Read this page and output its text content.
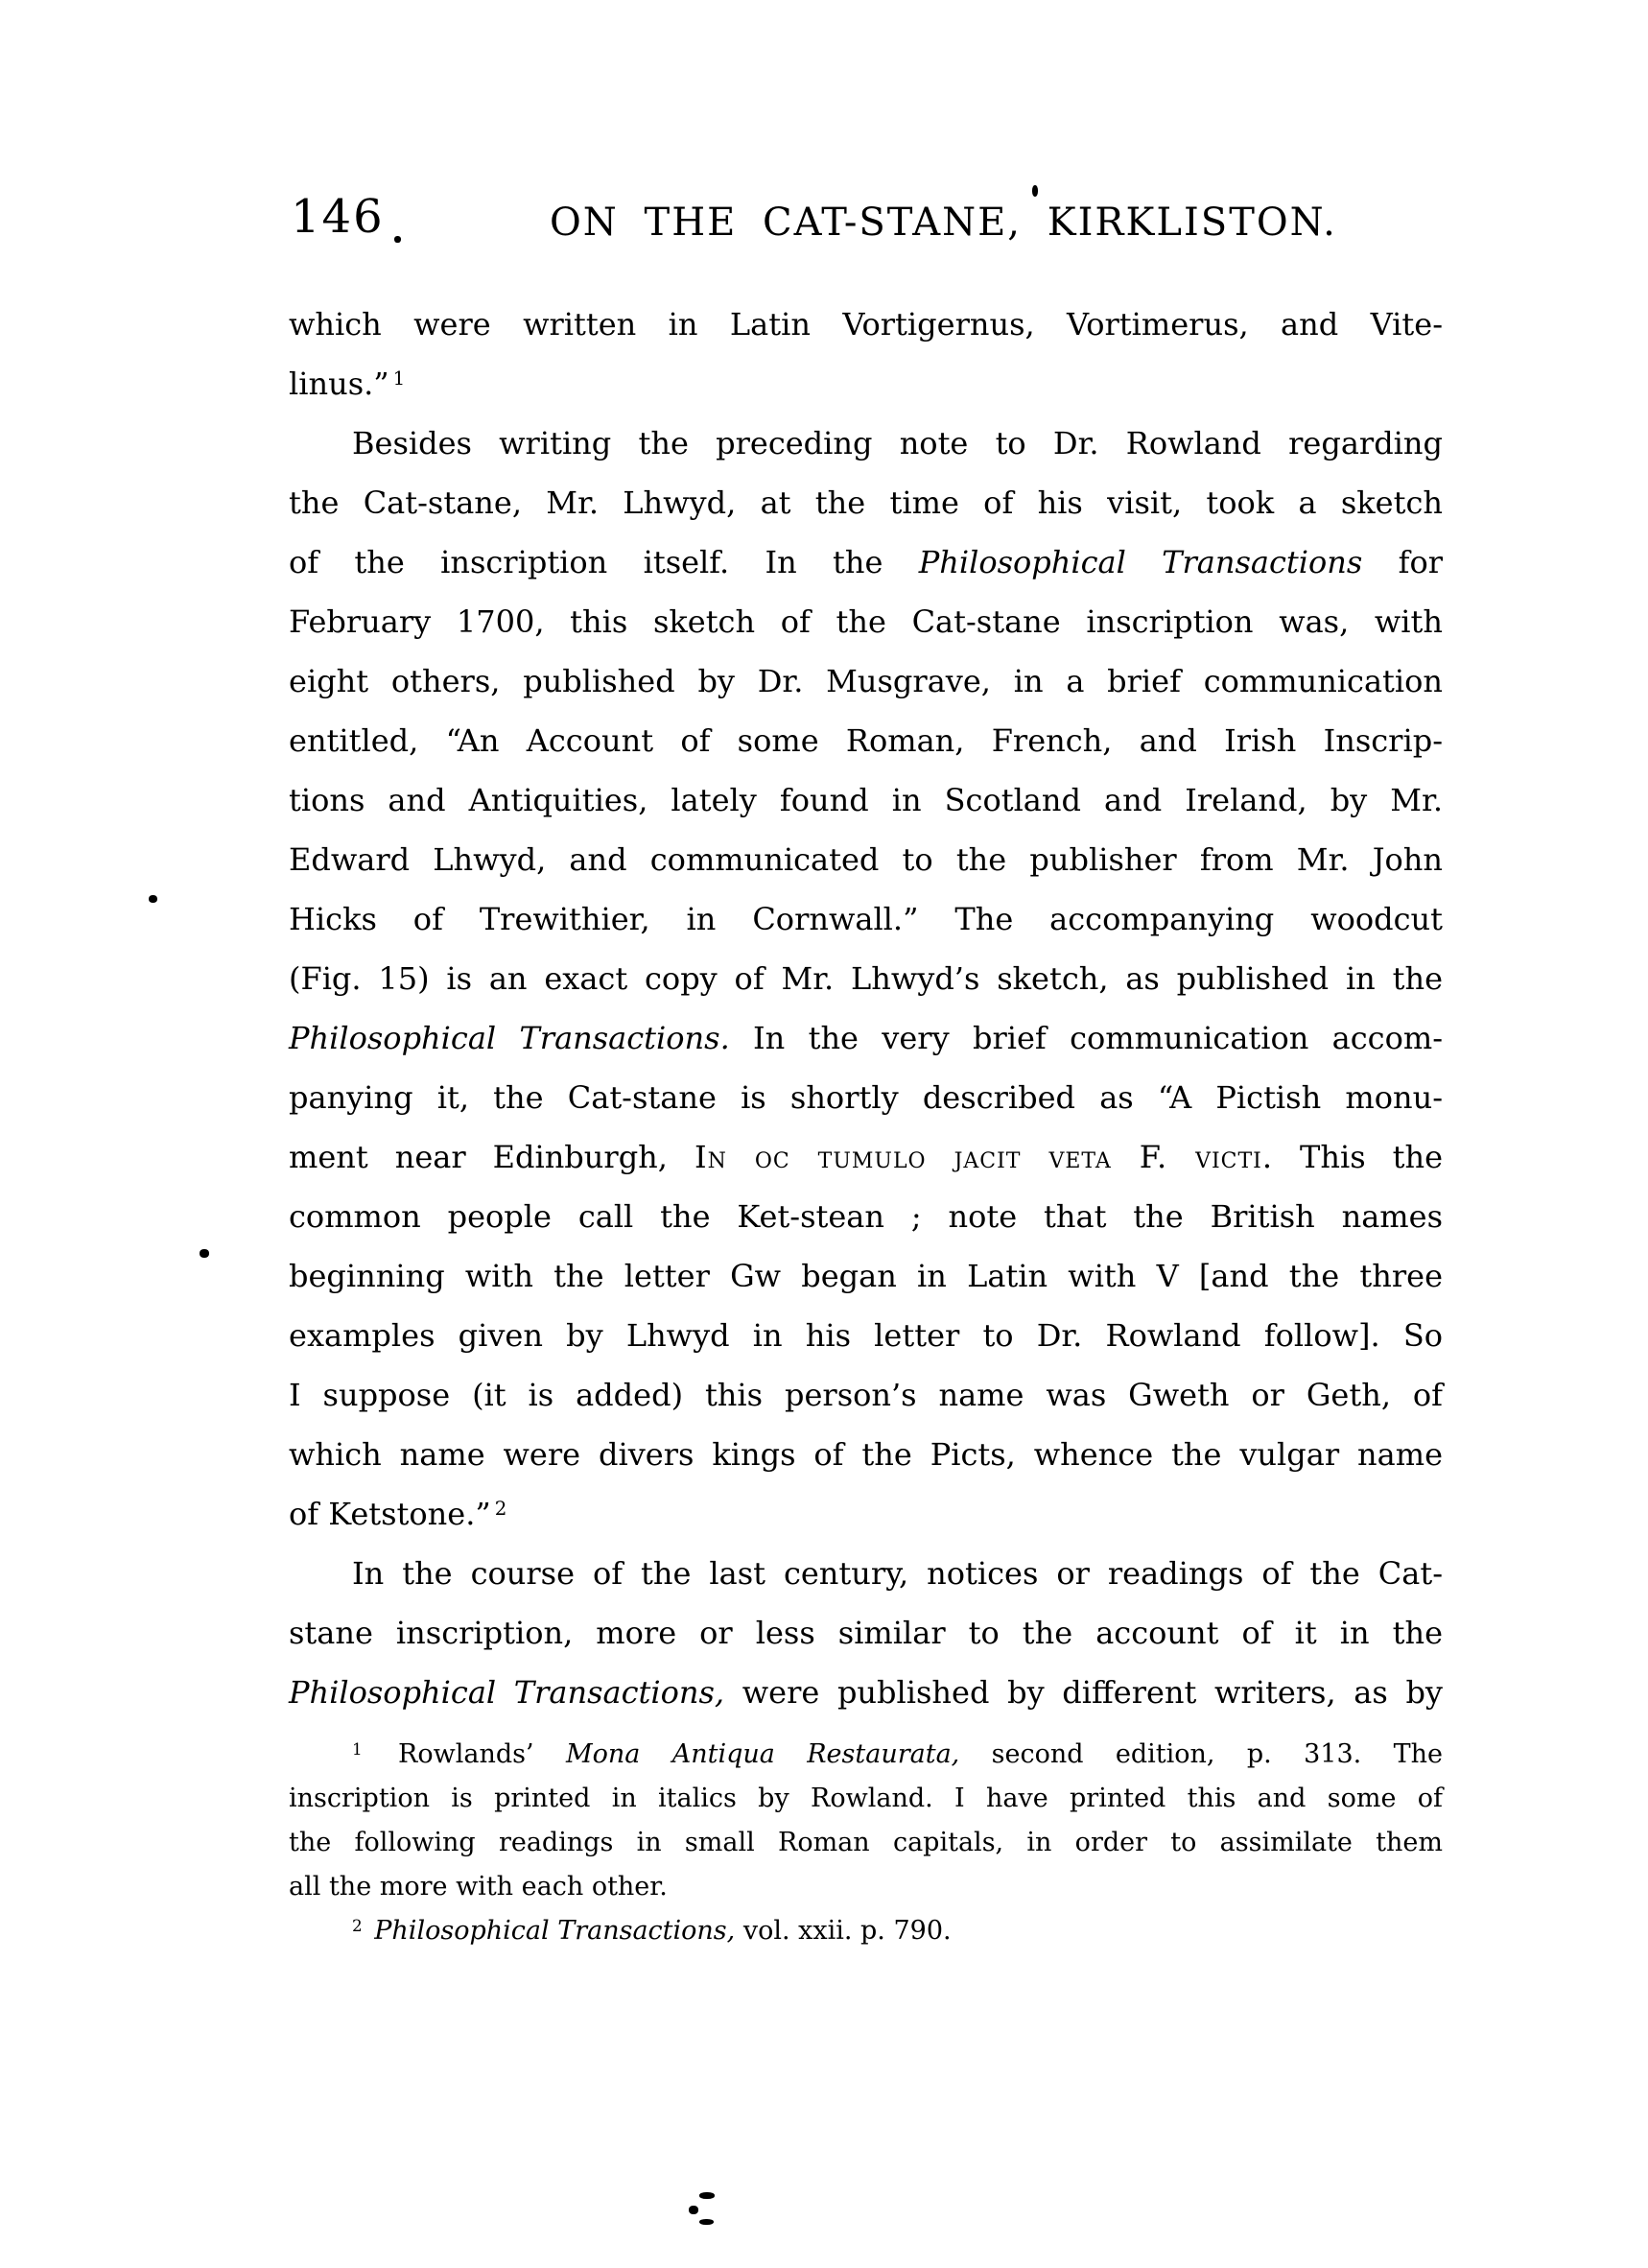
146	ON THE CAT-STANE, KIRKLISTON.
which were written in Latin Vortigernus, Vortimerus, and Vite-
linus.” $^1$
Besides writing the preceding note to Dr. Rowland regarding
the Cat-stane, Mr. Lhwyd, at the time of his visit, took a sketch
of the inscription itself. In the Philosophical Transactions for
February 1700, this sketch of the Cat-stane inscription was, with
eight others, published by Dr. Musgrave, in a brief communication
entitled, “An Account of some Roman, French, and Irish Inscrip-
tions and Antiquities, lately found in Scotland and Ireland, by Mr.
Edward Lhwyd, and communicated to the publisher from Mr. John
Hicks of Trewithier, in Cornwall.” The accompanying woodcut
(Fig. 15) is an exact copy of Mr. Lhwyd’s sketch, as published in the
Philosophical Transactions. In the very brief communication accom-
panying it, the Cat-stane is shortly described as “A Pictish monu-
ment near Edinburgh, In oc tumulo jacit veta F. victi. This the
common people call the Ket-stean ; note that the British names
beginning with the letter Gw began in Latin with V [and the three
examples given by Lhwyd in his letter to Dr. Rowland follow]. So
I suppose (it is added) this person’s name was Gweth or Geth, of
which name were divers kings of the Picts, whence the vulgar name
of Ketstone.” $^2$
In the course of the last century, notices or readings of the Cat-
stane inscription, more or less similar to the account of it in the
Philosophical Transactions, were published by different writers, as by
$^1$ Rowlands’ Mona Antiqua Restaurata, second edition, p. 313. The
inscription is printed in italics by Rowland. I have printed this and some of
the following readings in small Roman capitals, in order to assimilate them
all the more with each other.
$^2$ Philosophical Transactions, vol. xxii. p. 790.
